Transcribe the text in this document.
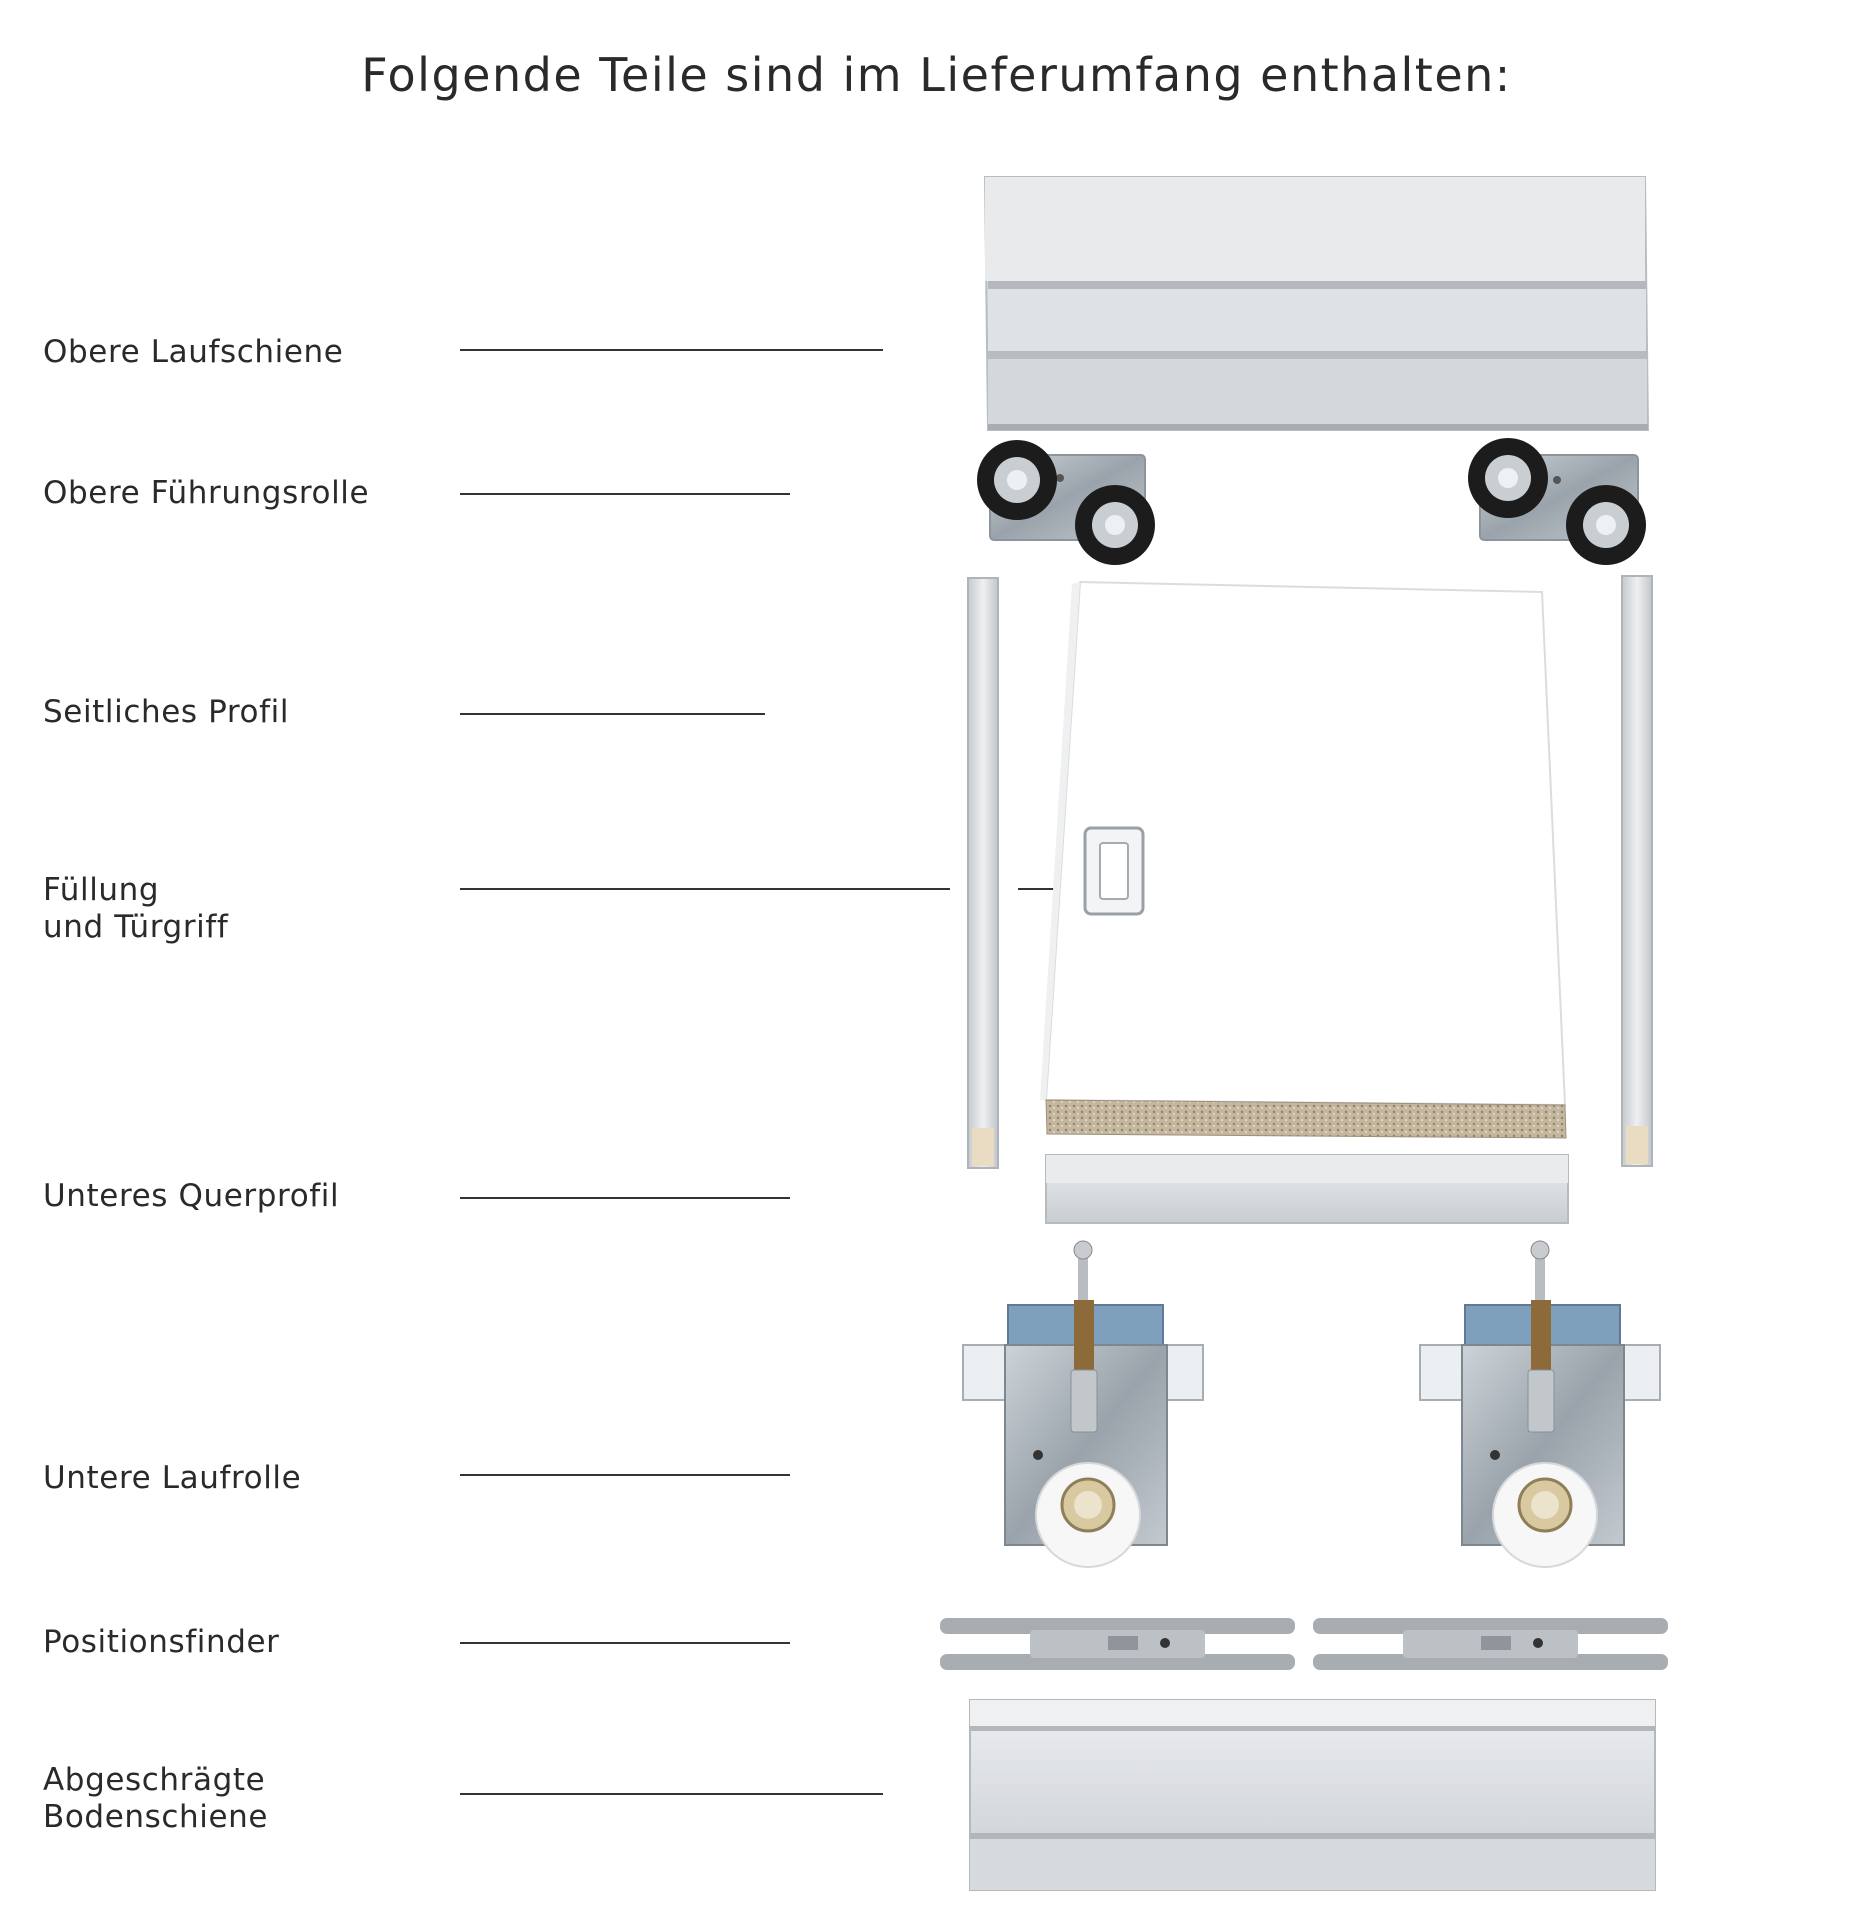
Folgende Teile sind im Lieferumfang enthalten:
Obere Laufschiene
Obere Führungsrolle
Seitliches Profil
Füllung
und Türgriff
Unteres Querprofil
Untere Laufrolle
Positionsfinder
Abgeschrägte
Bodenschiene
